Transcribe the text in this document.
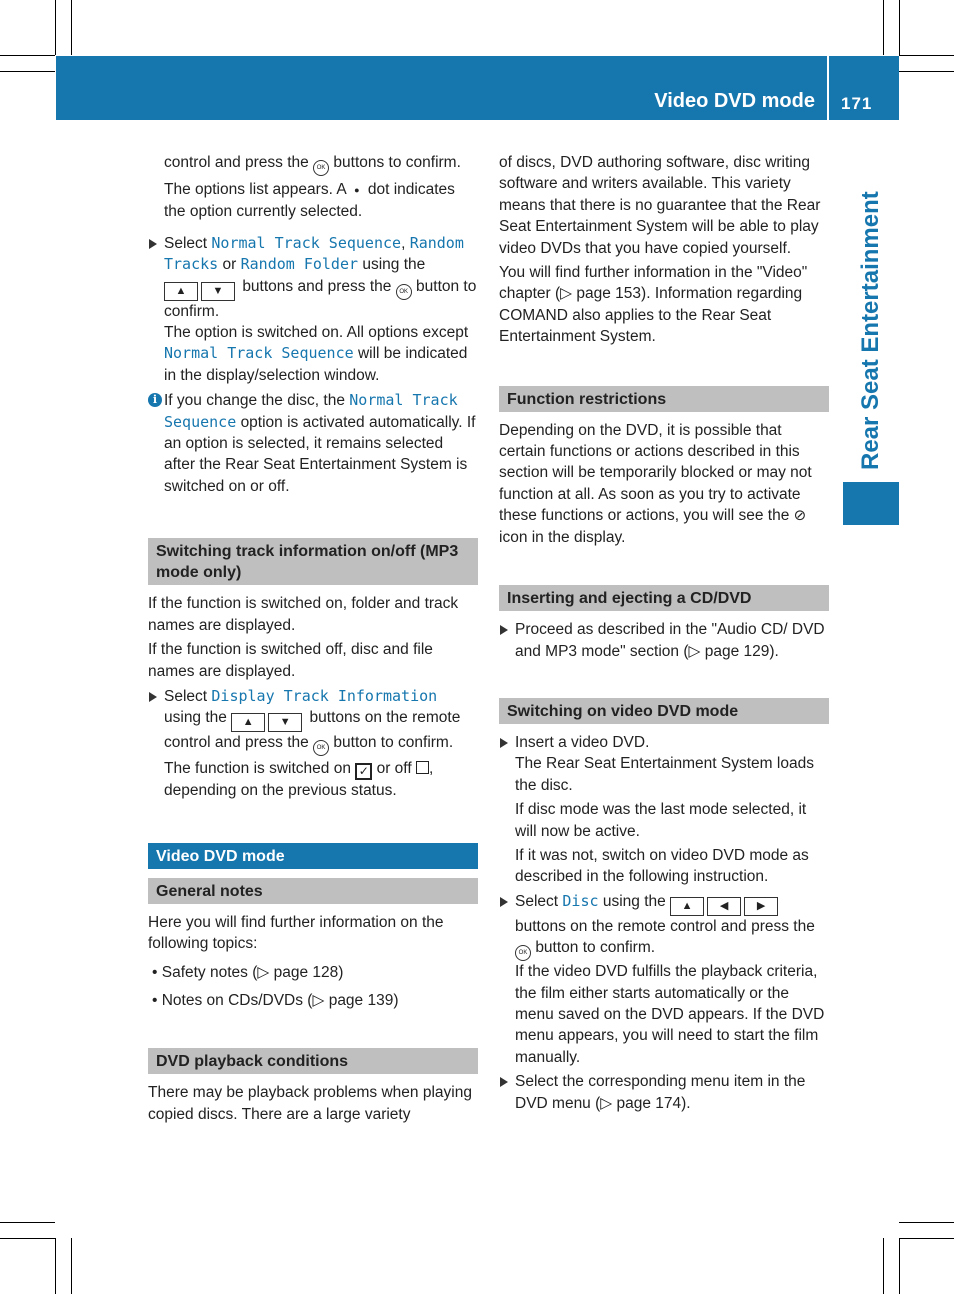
Video DVD mode 171
Rear Seat Entertainment

control and press the OK buttons to confirm.

The options list appears. A ● dot indicates the option currently selected.

Select Normal Track Sequence, Random Tracks or Random Folder using the
▲ ▼ buttons and press the OK button to confirm.

The option is switched on. All options except Normal Track Sequence will be indicated in the display/selection window.

i If you change the disc, the Normal Track Sequence option is activated automatically. If an option is selected, it remains selected after the Rear Seat Entertainment System is switched on or off.
Switching track information on/off (MP3 mode only)

If the function is switched on, folder and track names are displayed.

If the function is switched off, disc and file names are displayed.

Select Display Track Information
using the ▲ ▼ buttons on the remote control and press the OK button to confirm.

The function is switched on ✓ or off , depending on the previous status.

Video DVD mode
General notes

Here you will find further information on the following topics:

• Safety notes (▷ page 128)

• Notes on CDs/DVDs (▷ page 139)

DVD playback conditions

There may be playback problems when playing copied discs. There are a large variety

of discs, DVD authoring software, disc writing software and writers available. This variety means that there is no guarantee that the Rear Seat Entertainment System will be able to play video DVDs that you have copied yourself.

You will find further information in the "Video" chapter (▷ page 153). Information regarding COMAND also applies to the Rear Seat Entertainment System.

Function restrictions

Depending on the DVD, it is possible that certain functions or actions described in this section will be temporarily blocked or may not function at all. As soon as you try to activate these functions or actions, you will see the ⊘ icon in the display.

Inserting and ejecting a CD/DVD
Proceed as described in the "Audio CD/ DVD and MP3 mode" section (▷ page 129).
Switching on video DVD mode
Insert a video DVD.

The Rear Seat Entertainment System loads the disc.

If disc mode was the last mode selected, it will now be active.

If it was not, switch on video DVD mode as described in the following instruction.

Select Disc using the ▲ ◀	▶
buttons on the remote control and press the OK button to confirm.

If the video DVD fulfills the playback criteria, the film either starts automatically or the menu saved on the DVD appears. If the DVD menu appears, you will need to start the film manually.

Select the corresponding menu item in the DVD menu (▷ page 174).
